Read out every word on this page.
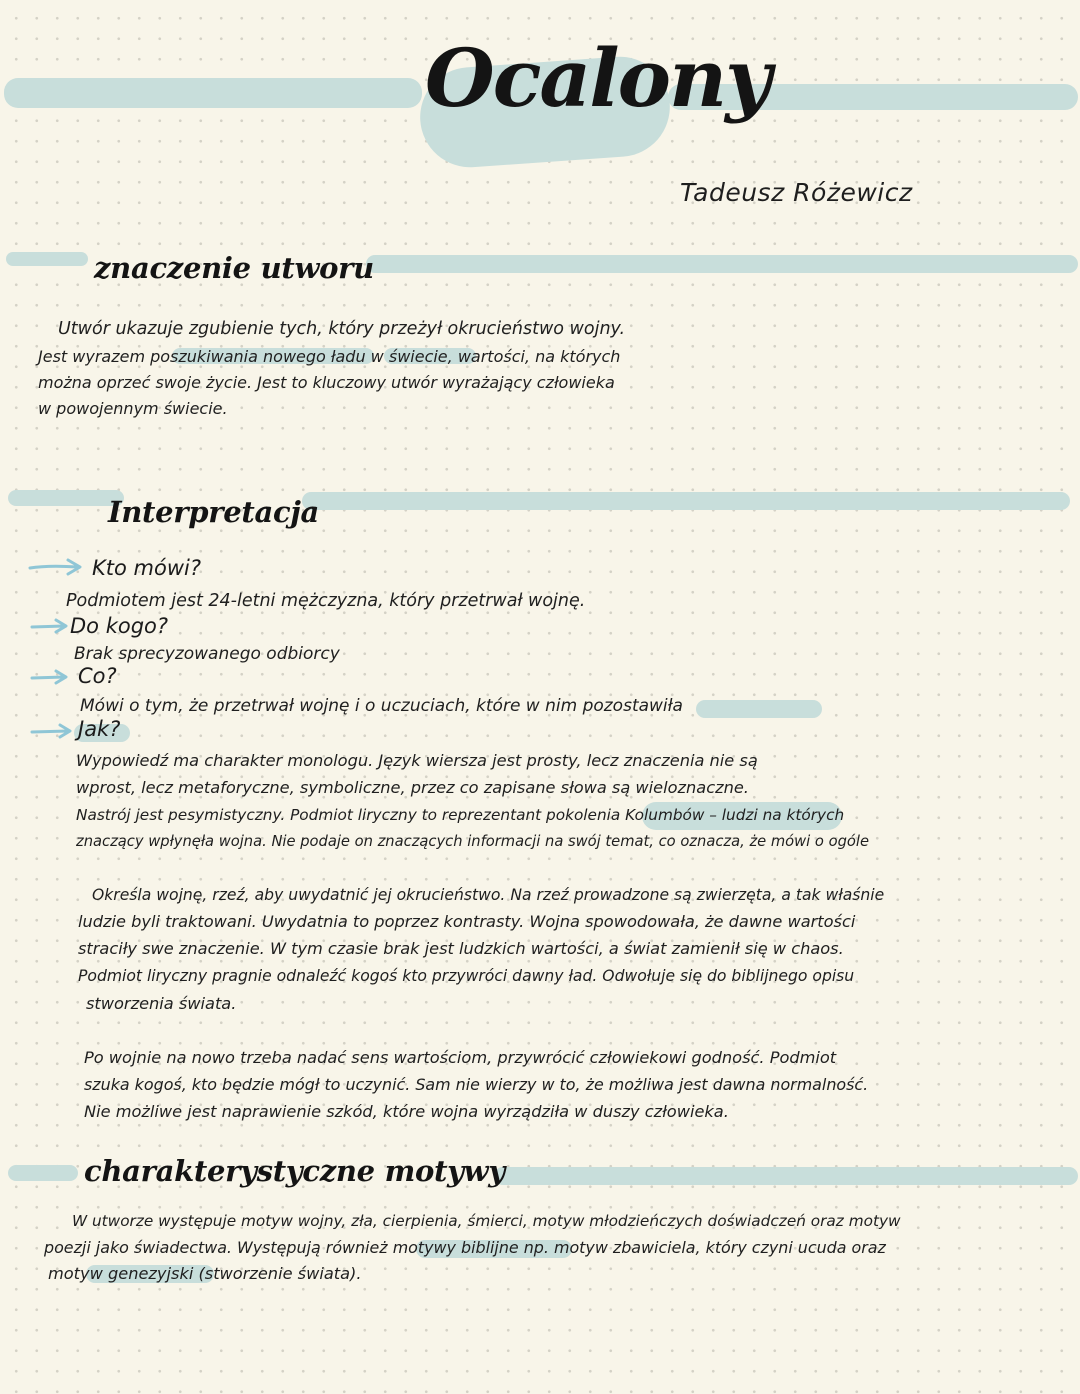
Ocalony

Tadeusz Różewicz

znaczenie utworu

Utwór ukazuje zgubienie tych, który przeżył okrucieństwo wojny.

Jest wyrazem poszukiwania nowego ładu w świecie, wartości, na których

można oprzeć swoje życie. Jest to kluczowy utwór wyrażający człowieka

w powojennym świecie.

Interpretacja

Kto mówi?

Podmiotem jest 24-letni mężczyzna, który przetrwał wojnę.

Do kogo?

Brak sprecyzowanego odbiorcy

Co?

Mówi o tym, że przetrwał wojnę i o uczuciach, które w nim pozostawiła

Jak?

Wypowiedź ma charakter monologu. Język wiersza jest prosty, lecz znaczenia nie są

wprost, lecz metaforyczne, symboliczne, przez co zapisane słowa są wieloznaczne.

Nastrój jest pesymistyczny. Podmiot liryczny to reprezentant pokolenia Kolumbów – ludzi na których

znaczący wpłynęła wojna. Nie podaje on znaczących informacji na swój temat, co oznacza, że mówi o ogóle

Określa wojnę, rzeź, aby uwydatnić jej okrucieństwo. Na rzeź prowadzone są zwierzęta, a tak właśnie

ludzie byli traktowani. Uwydatnia to poprzez kontrasty. Wojna spowodowała, że dawne wartości

straciły swe znaczenie. W tym czasie brak jest ludzkich wartości, a świat zamienił się w chaos.

Podmiot liryczny pragnie odnaleźć kogoś kto przywróci dawny ład. Odwołuje się do biblijnego opisu

stworzenia świata.

Po wojnie na nowo trzeba nadać sens wartościom, przywrócić człowiekowi godność. Podmiot

szuka kogoś, kto będzie mógł to uczynić. Sam nie wierzy w to, że możliwa jest dawna normalność.

Nie możliwe jest naprawienie szkód, które wojna wyrządziła w duszy człowieka.

charakterystyczne motywy

W utworze występuje motyw wojny, zła, cierpienia, śmierci, motyw młodzieńczych doświadczeń oraz motyw

poezji jako świadectwa. Występują również motywy biblijne np. motyw zbawiciela, który czyni ucuda oraz

motyw genezyjski (stworzenie świata).
